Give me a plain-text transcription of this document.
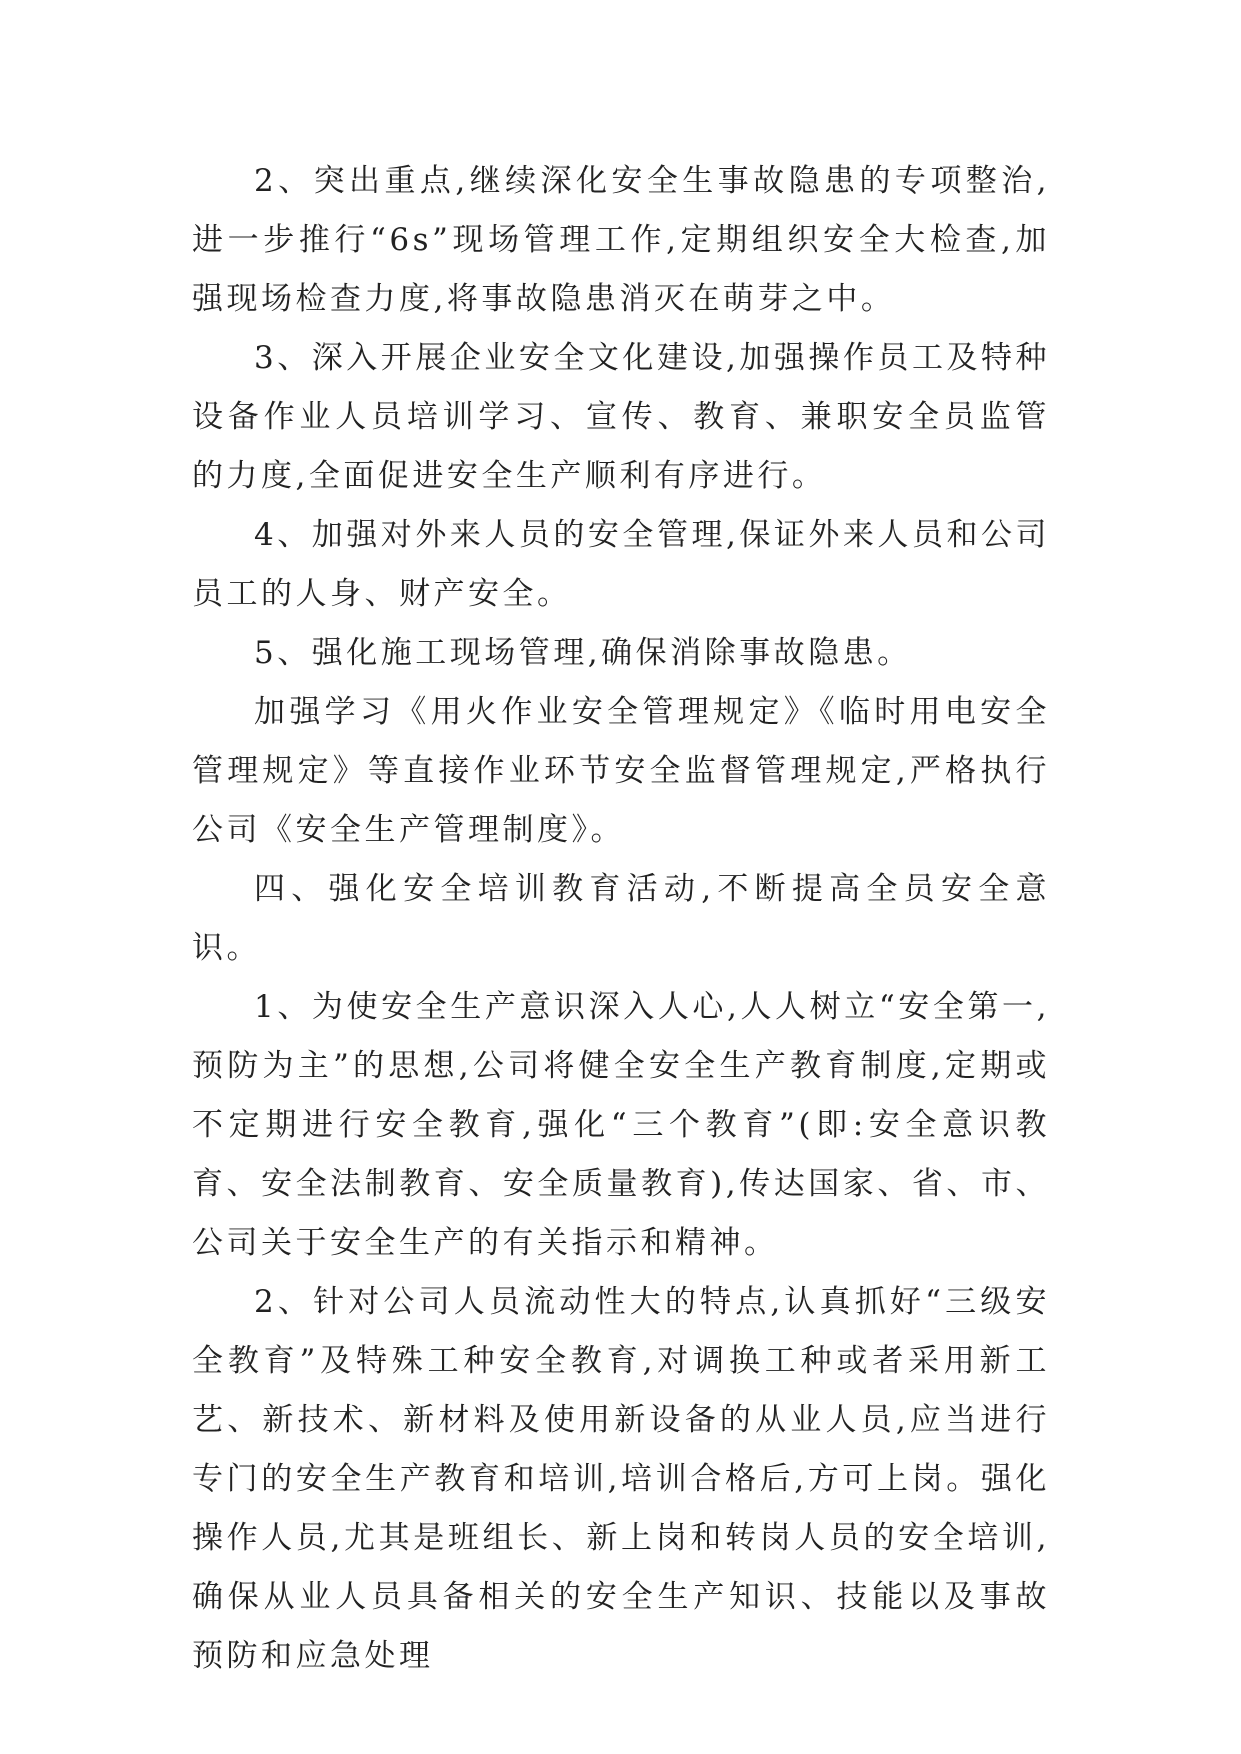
2、突出重点,继续深化安全生事故隐患的专项整治,进一步推行“6s”现场管理工作,定期组织安全大检查,加强现场检查力度,将事故隐患消灭在萌芽之中。

3、深入开展企业安全文化建设,加强操作员工及特种设备作业人员培训学习、宣传、教育、兼职安全员监管的力度,全面促进安全生产顺利有序进行。

4、加强对外来人员的安全管理,保证外来人员和公司员工的人身、财产安全。

5、强化施工现场管理,确保消除事故隐患。

加强学习《用火作业安全管理规定》《临时用电安全管理规定》等直接作业环节安全监督管理规定,严格执行公司《安全生产管理制度》。

四、强化安全培训教育活动,不断提高全员安全意识。

1、为使安全生产意识深入人心,人人树立“安全第一,预防为主”的思想,公司将健全安全生产教育制度,定期或不定期进行安全教育,强化“三个教育”(即:安全意识教育、安全法制教育、安全质量教育),传达国家、省、市、公司关于安全生产的有关指示和精神。

2、针对公司人员流动性大的特点,认真抓好“三级安全教育”及特殊工种安全教育,对调换工种或者采用新工艺、新技术、新材料及使用新设备的从业人员,应当进行专门的安全生产教育和培训,培训合格后,方可上岗。强化操作人员,尤其是班组长、新上岗和转岗人员的安全培训,确保从业人员具备相关的安全生产知识、技能以及事故预防和应急处理
